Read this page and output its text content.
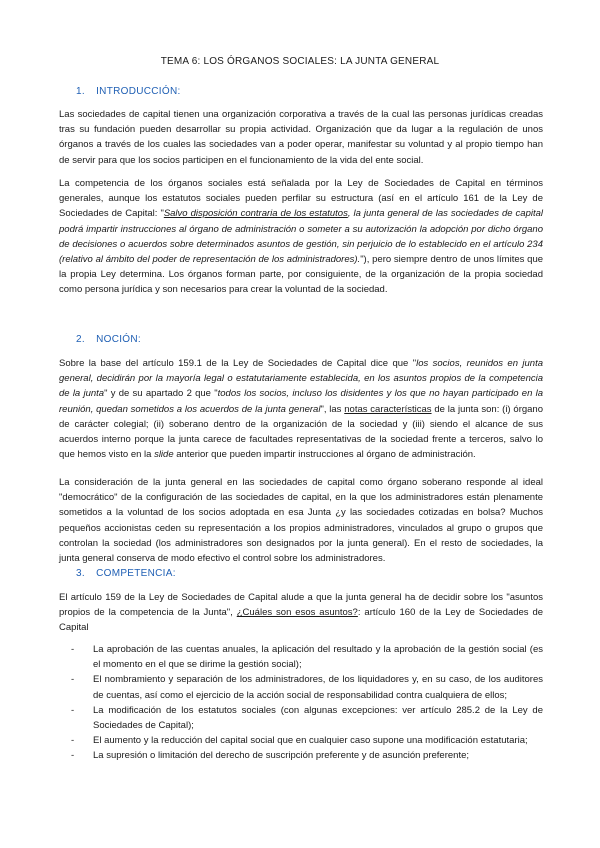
TEMA 6: LOS ÓRGANOS SOCIALES: LA JUNTA GENERAL
1. INTRODUCCIÓN:

Las sociedades de capital tienen una organización corporativa a través de la cual las personas jurídicas creadas tras su fundación pueden desarrollar su propia actividad. Organización que da lugar a la regulación de unos órganos a través de los cuales las sociedades van a poder operar, manifestar su voluntad y al propio tiempo han de servir para que los socios participen en el funcionamiento de la vida del ente social.

La competencia de los órganos sociales está señalada por la Ley de Sociedades de Capital en términos generales, aunque los estatutos sociales pueden perfilar su estructura (así en el artículo 161 de la Ley de Sociedades de Capital: "Salvo disposición contraria de los estatutos, la junta general de las sociedades de capital podrá impartir instrucciones al órgano de administración o someter a su autorización la adopción por dicho órgano de decisiones o acuerdos sobre determinados asuntos de gestión, sin perjuicio de lo establecido en el artículo 234 (relativo al ámbito del poder de representación de los administradores)."), pero siempre dentro de unos límites que la propia Ley determina. Los órganos forman parte, por consiguiente, de la organización de la propia sociedad como persona jurídica y son necesarios para crear la voluntad de la sociedad.

2. NOCIÓN:

Sobre la base del artículo 159.1 de la Ley de Sociedades de Capital dice que "los socios, reunidos en junta general, decidirán por la mayoría legal o estatutariamente establecida, en los asuntos propios de la competencia de la junta" y de su apartado 2 que "todos los socios, incluso los disidentes y los que no hayan participado en la reunión, quedan sometidos a los acuerdos de la junta general", las notas características de la junta son: (i) órgano de carácter colegial; (ii) soberano dentro de la organización de la sociedad y (iii) siendo el alcance de sus acuerdos interno porque la junta carece de facultades representativas de la sociedad frente a terceros, salvo lo que hemos visto en la slide anterior que pueden impartir instrucciones al órgano de administración.

La consideración de la junta general en las sociedades de capital como órgano soberano responde al ideal "democrático" de la configuración de las sociedades de capital, en la que los administradores están plenamente sometidos a la voluntad de los socios adoptada en esa Junta ¿y las sociedades cotizadas en bolsa? Muchos pequeños accionistas ceden su representación a los propios administradores, vinculados al grupo o grupos que controlan la sociedad (los administradores son designados por la junta general). En el resto de sociedades, la junta general conserva de modo efectivo el control sobre los administradores.

3. COMPETENCIA:

El artículo 159 de la Ley de Sociedades de Capital alude a que la junta general ha de decidir sobre los "asuntos propios de la competencia de la Junta", ¿Cuáles son esos asuntos?: artículo 160 de la Ley de Sociedades de Capital

- La aprobación de las cuentas anuales, la aplicación del resultado y la aprobación de la gestión social (es el momento en el que se dirime la gestión social);
- El nombramiento y separación de los administradores, de los liquidadores y, en su caso, de los auditores de cuentas, así como el ejercicio de la acción social de responsabilidad contra cualquiera de ellos;
- La modificación de los estatutos sociales (con algunas excepciones: ver artículo 285.2 de la Ley de Sociedades de Capital);
- El aumento y la reducción del capital social que en cualquier caso supone una modificación estatutaria;
- La supresión o limitación del derecho de suscripción preferente y de asunción preferente;
